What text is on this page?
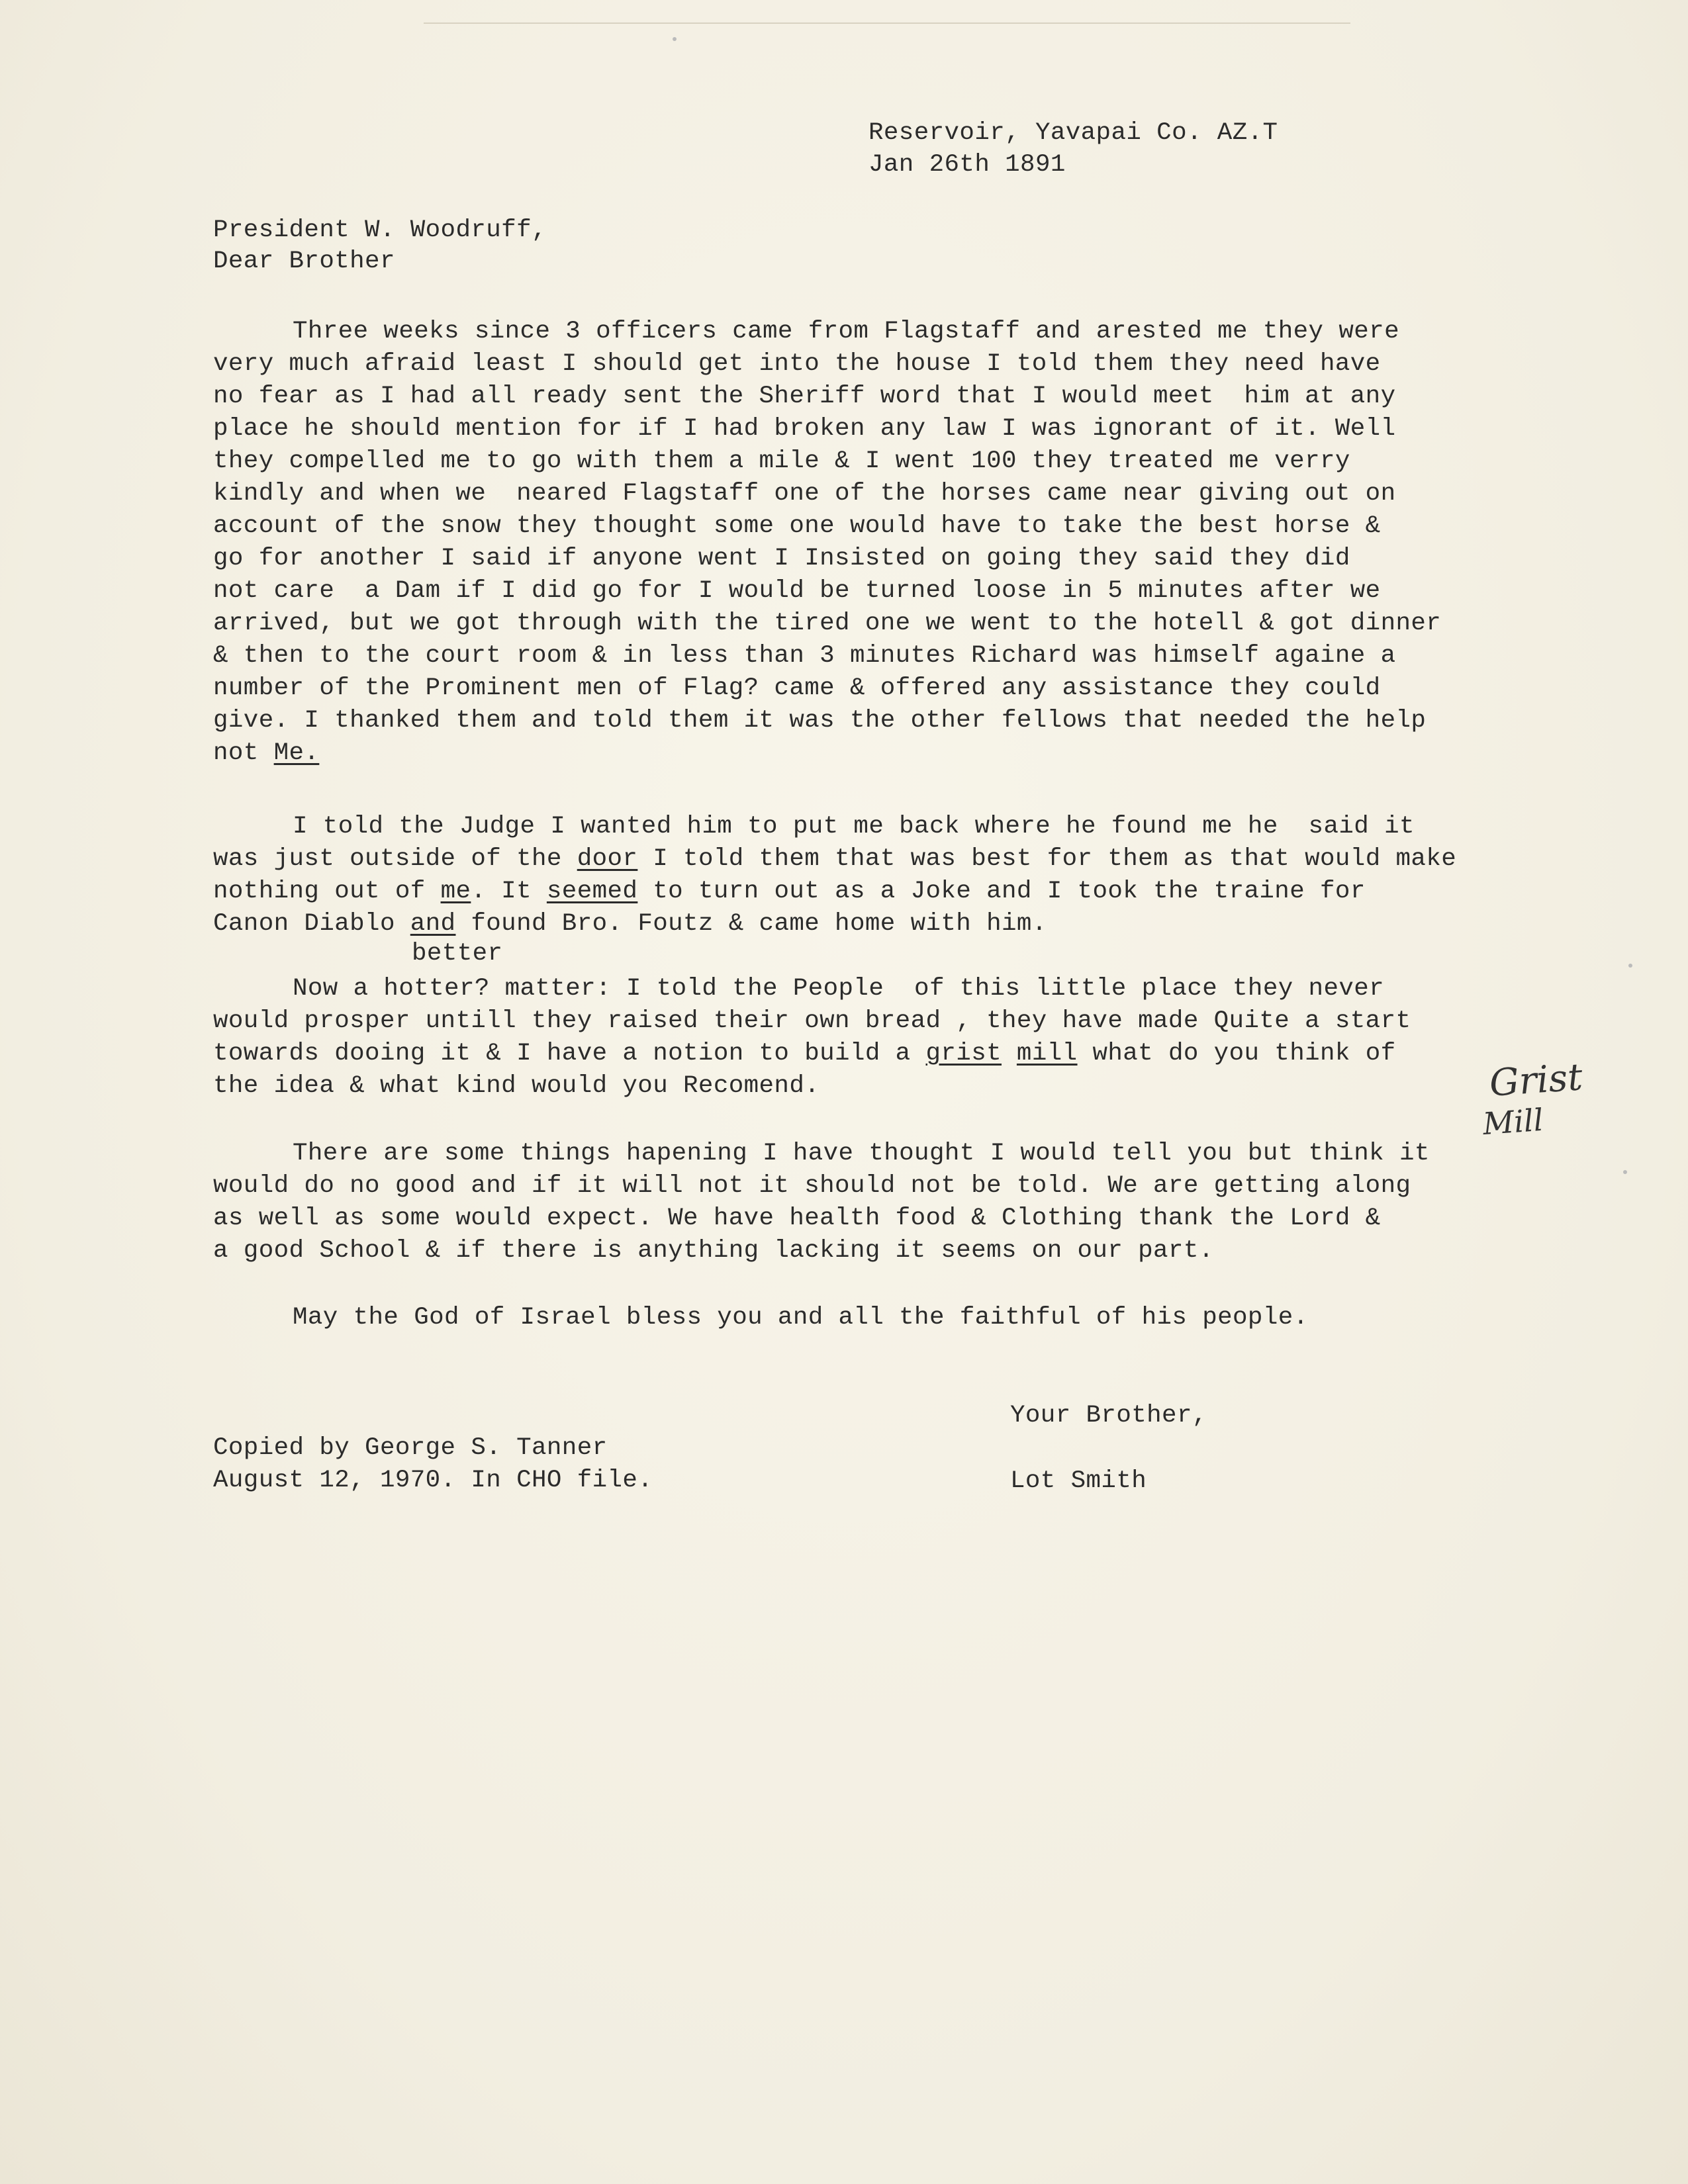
Reservoir, Yavapai Co. AZ.T
Jan 26th 1891
President W. Woodruff,
Dear Brother
Three weeks since 3 officers came from Flagstaff and arested me they were
very much afraid least I should get into the house I told them they need have
no fear as I had all ready sent the Sheriff word that I would meet  him at any
place he should mention for if I had broken any law I was ignorant of it. Well
they compelled me to go with them a mile & I went 100 they treated me verry
kindly and when we  neared Flagstaff one of the horses came near giving out on
account of the snow they thought some one would have to take the best horse &
go for another I said if anyone went I Insisted on going they said they did
not care  a Dam if I did go for I would be turned loose in 5 minutes after we
arrived, but we got through with the tired one we went to the hotell & got dinner
& then to the court room & in less than 3 minutes Richard was himself againe a
number of the Prominent men of Flag? came & offered any assistance they could
give. I thanked them and told them it was the other fellows that needed the help
not Me.
I told the Judge I wanted him to put me back where he found me he  said it
was just outside of the door I told them that was best for them as that would make
nothing out of me. It seemed to turn out as a Joke and I took the traine for
Canon Diablo and found Bro. Foutz & came home with him.
better
Now a hotter? matter: I told the People  of this little place they never
would prosper untill they raised their own bread , they have made Quite a start
towards dooing it & I have a notion to build a grist mill what do you think of
the idea & what kind would you Recomend.	Grist
Mill
There are some things hapening I have thought I would tell you but think it
would do no good and if it will not it should not be told. We are getting along
as well as some would expect. We have health food & Clothing thank the Lord &
a good School & if there is anything lacking it seems on our part.
May the God of Israel bless you and all the faithful of his people.
Your Brother,
Lot Smith
Copied by George S. Tanner
August 12, 1970. In CHO file.
